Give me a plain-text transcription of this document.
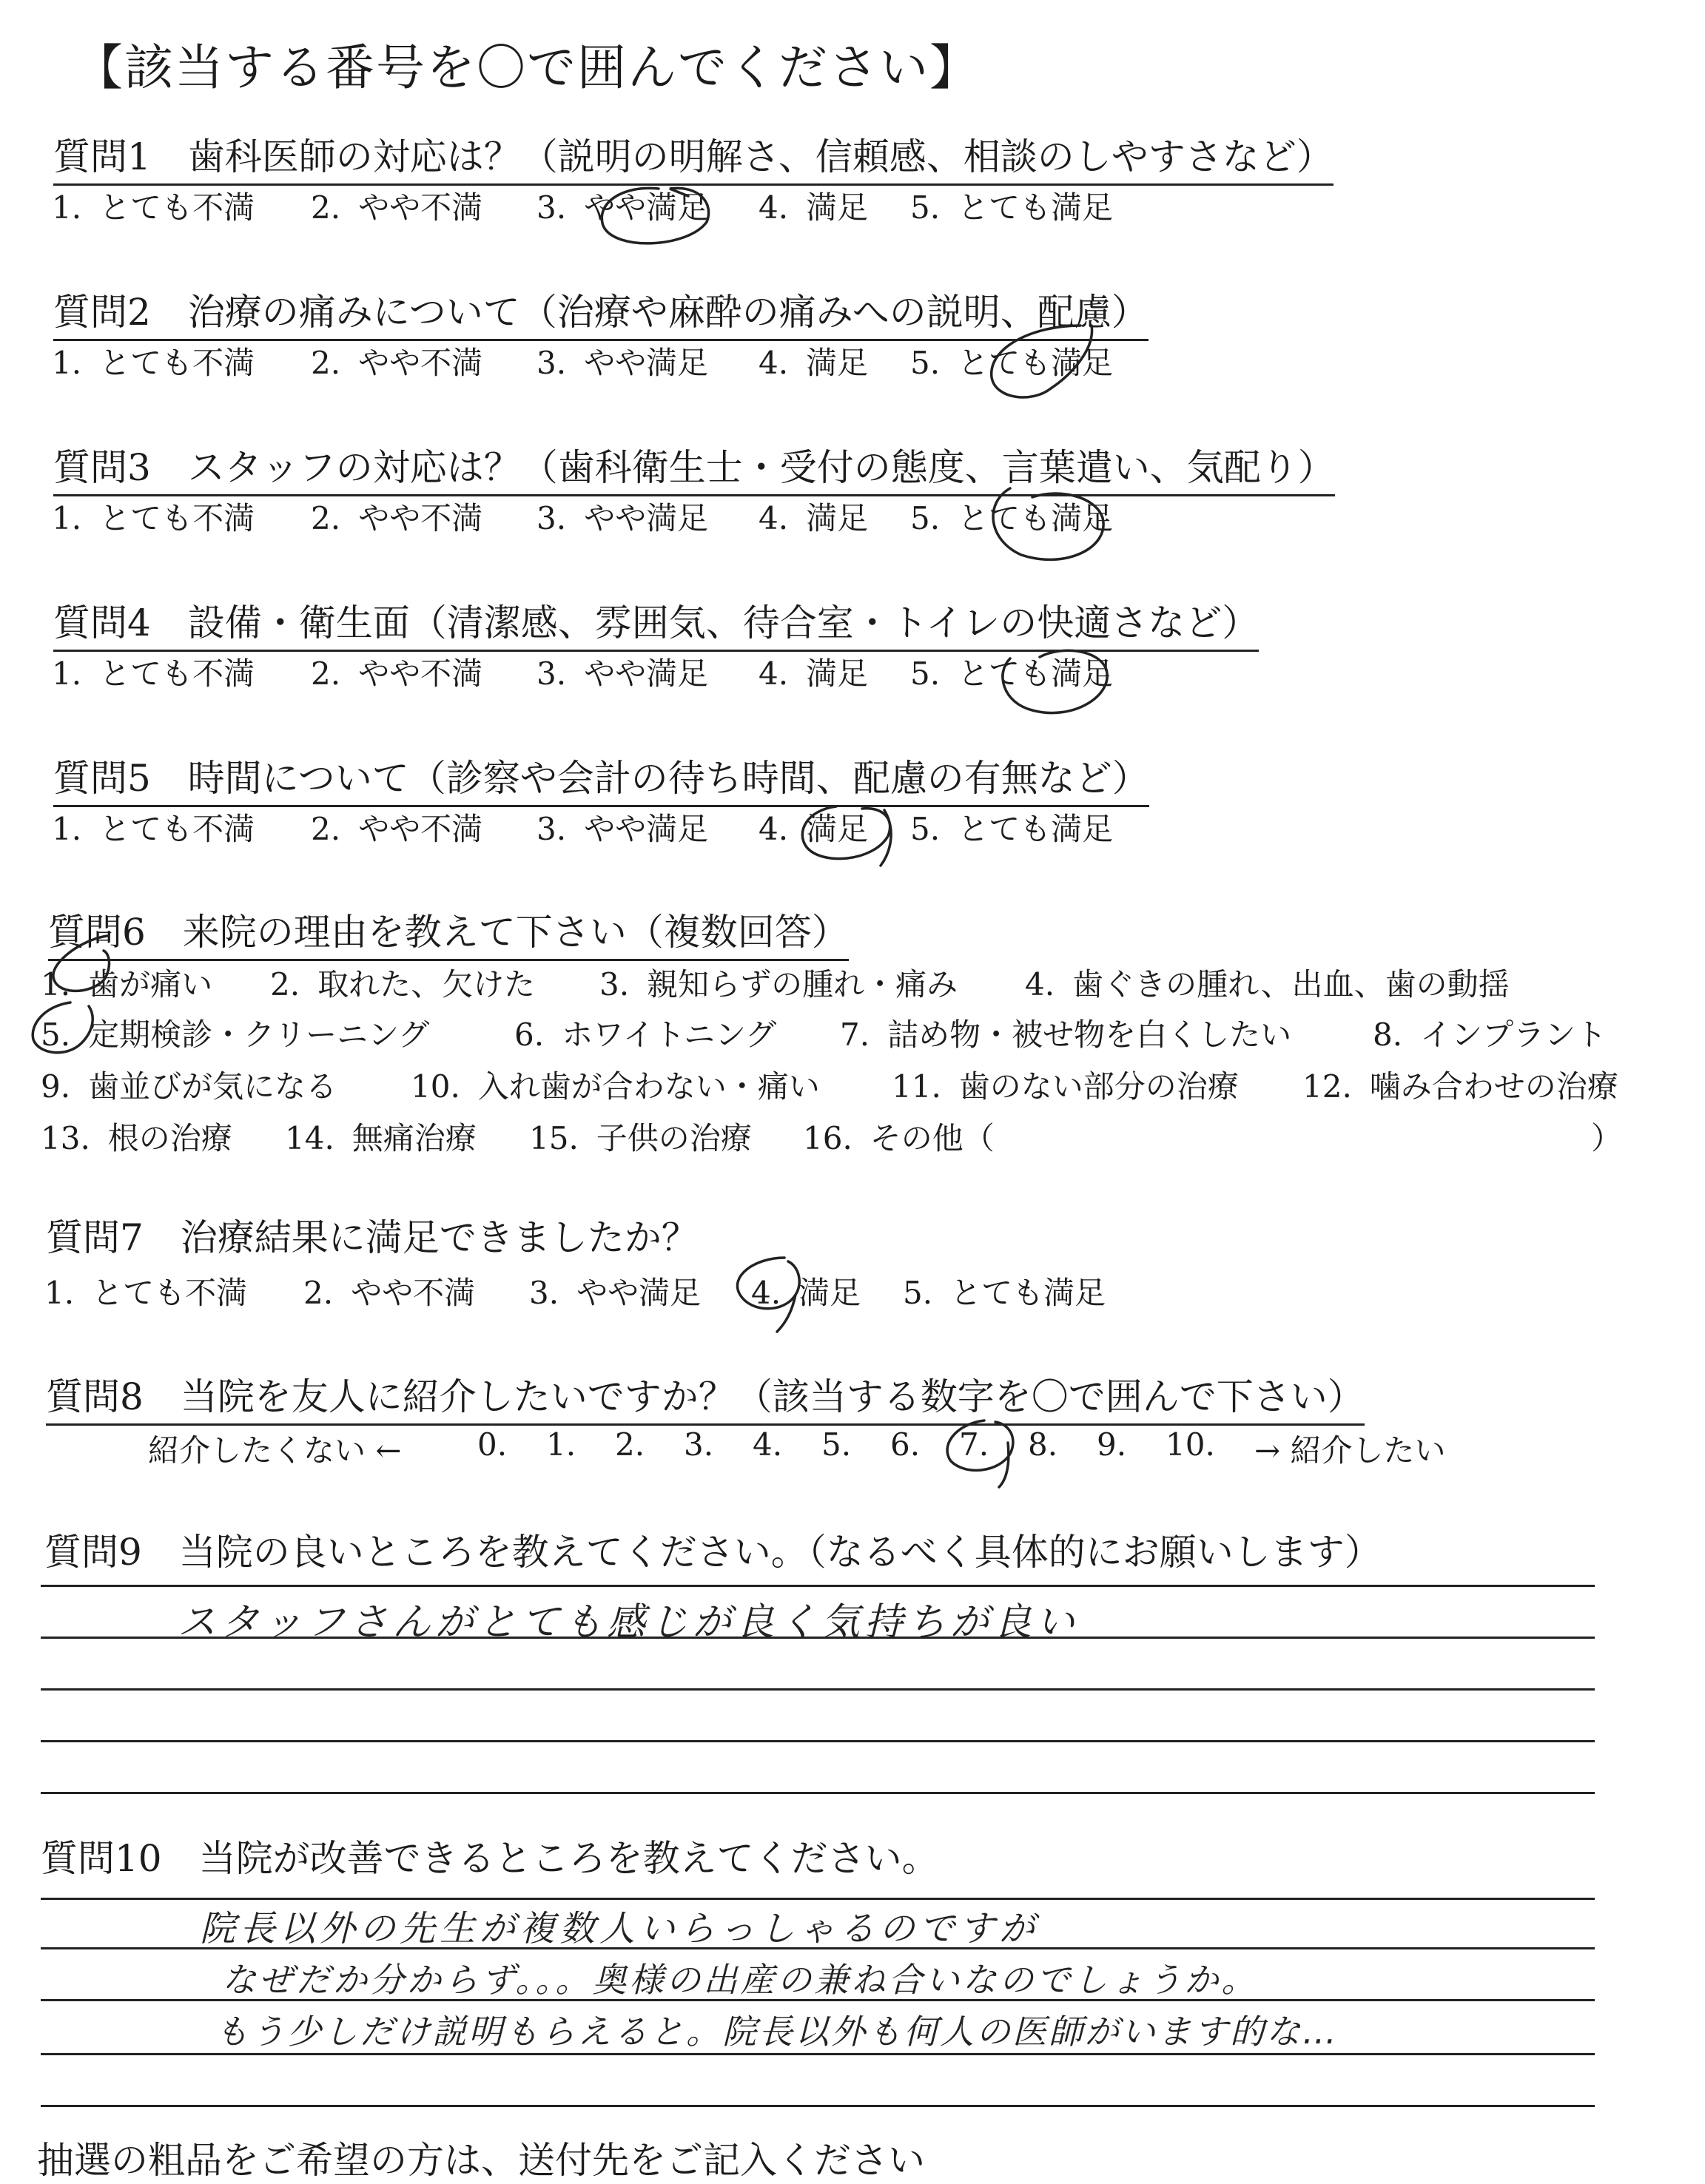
【該当する番号を〇で囲んでください】
質問1　歯科医師の対応は？（説明の明解さ、信頼感、相談のしやすさなど）
1. とても不満 2. やや不満 3. やや満足 4. 満足 5. とても満足
質問2　治療の痛みについて（治療や麻酔の痛みへの説明、配慮）
1. とても不満 2. やや不満 3. やや満足 4. 満足 5. とても満足
質問3　スタッフの対応は？（歯科衛生士・受付の態度、言葉遣い、気配り）
1. とても不満 2. やや不満 3. やや満足 4. 満足 5. とても満足
質問4　設備・衛生面（清潔感、雰囲気、待合室・トイレの快適さなど）
1. とても不満 2. やや不満 3. やや満足 4. 満足 5. とても満足
質問5　時間について（診察や会計の待ち時間、配慮の有無など）
1. とても不満 2. やや不満 3. やや満足 4. 満足 5. とても満足
質問6　来院の理由を教えて下さい（複数回答）
1. 歯が痛い 2. 取れた、欠けた 3. 親知らずの腫れ・痛み 4. 歯ぐきの腫れ、出血、歯の動揺
5. 定期検診・クリーニング	6. ホワイトニング 7. 詰め物・被せ物を白くしたい	8. インプラント
9. 歯並びが気になる 10. 入れ歯が合わない・痛い 11. 歯のない部分の治療 12. 噛み合わせの治療
13. 根の治療 14. 無痛治療 15. 子供の治療 16. その他（	）
質問7　治療結果に満足できましたか？
1. とても不満 2. やや不満 3. やや満足 4. 満足 5. とても満足
質問8　当院を友人に紹介したいですか？（該当する数字を〇で囲んで下さい）
紹介したくない ← 0. 1. 2. 3. 4. 5. 6. 7. 8. 9. 10. → 紹介したい
質問9　当院の良いところを教えてください。（なるべく具体的にお願いします）
スタッフさんがとても感じが良く気持ちが良い
質問10　当院が改善できるところを教えてください。
院長以外の先生が複数人いらっしゃるのですが
なぜだか分からず。。。奥様の出産の兼ね合いなのでしょうか。
もう少しだけ説明もらえると。院長以外も何人の医師がいます的な…
抽選の粗品をご希望の方は、送付先をご記入ください
